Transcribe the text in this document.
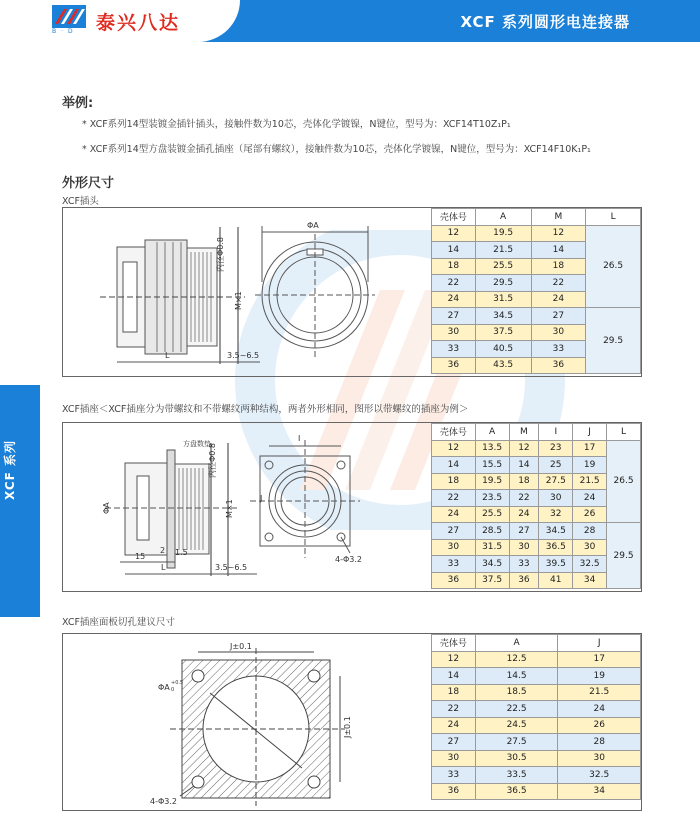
B·D 泰兴八达	XCF 系列圆形电连接器
XCF 系列
举例:
* XCF系列14型装镀金插针插头，接触件数为10芯，壳体化学镀镍，N键位，型号为：XCF14T10Z₁P₁
* XCF系列14型方盘装镀金插孔插座（尾部有螺纹），接触件数为10芯，壳体化学镀镍，N键位，型号为：XCF14F10K₁P₁
外形尺寸
XCF插头
内径Φ0.8
M×1
L	3.5~6.5
ΦA
壳体号	A	M	L
12	19.5	12	26.5
14	21.5	14	
18	25.5	18	
22	29.5	22	
24	31.5	24	
27	34.5	27	29.5
30	37.5	30	
33	40.5	33	
36	43.5	36	
XCF插座＜XCF插座分为带螺纹和不带螺纹两种结构，两者外形相同，图形以带螺纹的插座为例＞
方盘数垫
内径Φ0.8
M×1
ΦA
I
J
15
2 1.5
L	3.5~6.5
4-Φ3.2
壳体号	A	M	I	J	L
12	13.5	12	23	17	26.5
14	15.5	14	25	19	
18	19.5	18	27.5	21.5	
22	23.5	22	30	24	
24	25.5	24	32	26	
27	28.5	27	34.5	28	29.5
30	31.5	30	36.5	30	
33	34.5	33	39.5	32.5	
36	37.5	36	41	34	
XCF插座面板切孔建议尺寸
J±0.1
J±0.1
ΦA +0.5
0
4-Φ3.2
壳体号	A	J
12	12.5	17
14	14.5	19
18	18.5	21.5
22	22.5	24
24	24.5	26
27	27.5	28
30	30.5	30
33	33.5	32.5
36	36.5	34
